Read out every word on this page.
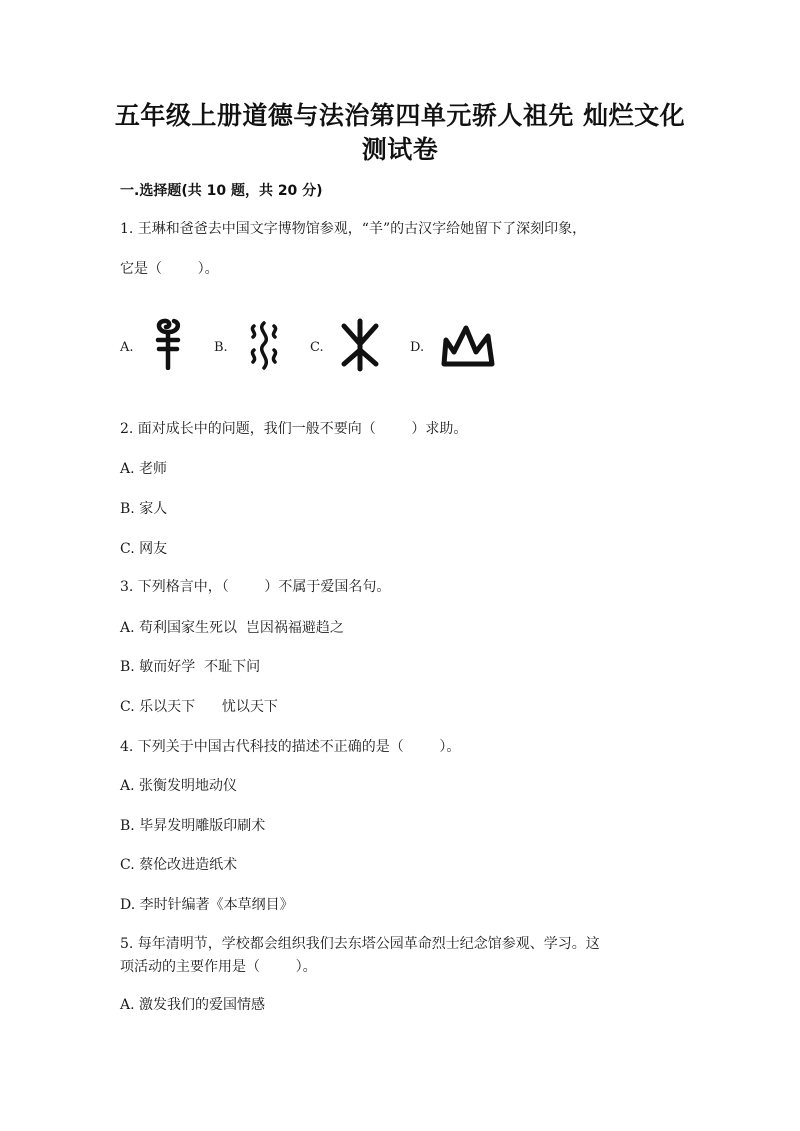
五年级上册道德与法治第四单元骄人祖先 灿烂文化
测试卷
一.选择题(共 10 题，共 20 分)
1. 王琳和爸爸去中国文字博物馆参观，“羊”的古汉字给她留下了深刻印象，
它是（        ）。
A.	B.	C.	D.
2. 面对成长中的问题，我们一般不要向（        ）求助。
A. 老师
B. 家人
C. 网友
3. 下列格言中，（        ）不属于爱国名句。
A. 苟利国家生死以  岂因祸福避趋之
B. 敏而好学  不耻下问
C. 乐以天下      忧以天下
4. 下列关于中国古代科技的描述不正确的是（        ）。
A. 张衡发明地动仪
B. 毕昇发明雕版印刷术
C. 蔡伦改进造纸术
D. 李时针编著《本草纲目》
5. 每年清明节，学校都会组织我们去东塔公园革命烈士纪念馆参观、学习。这
项活动的主要作用是（        ）。
A. 激发我们的爱国情感
